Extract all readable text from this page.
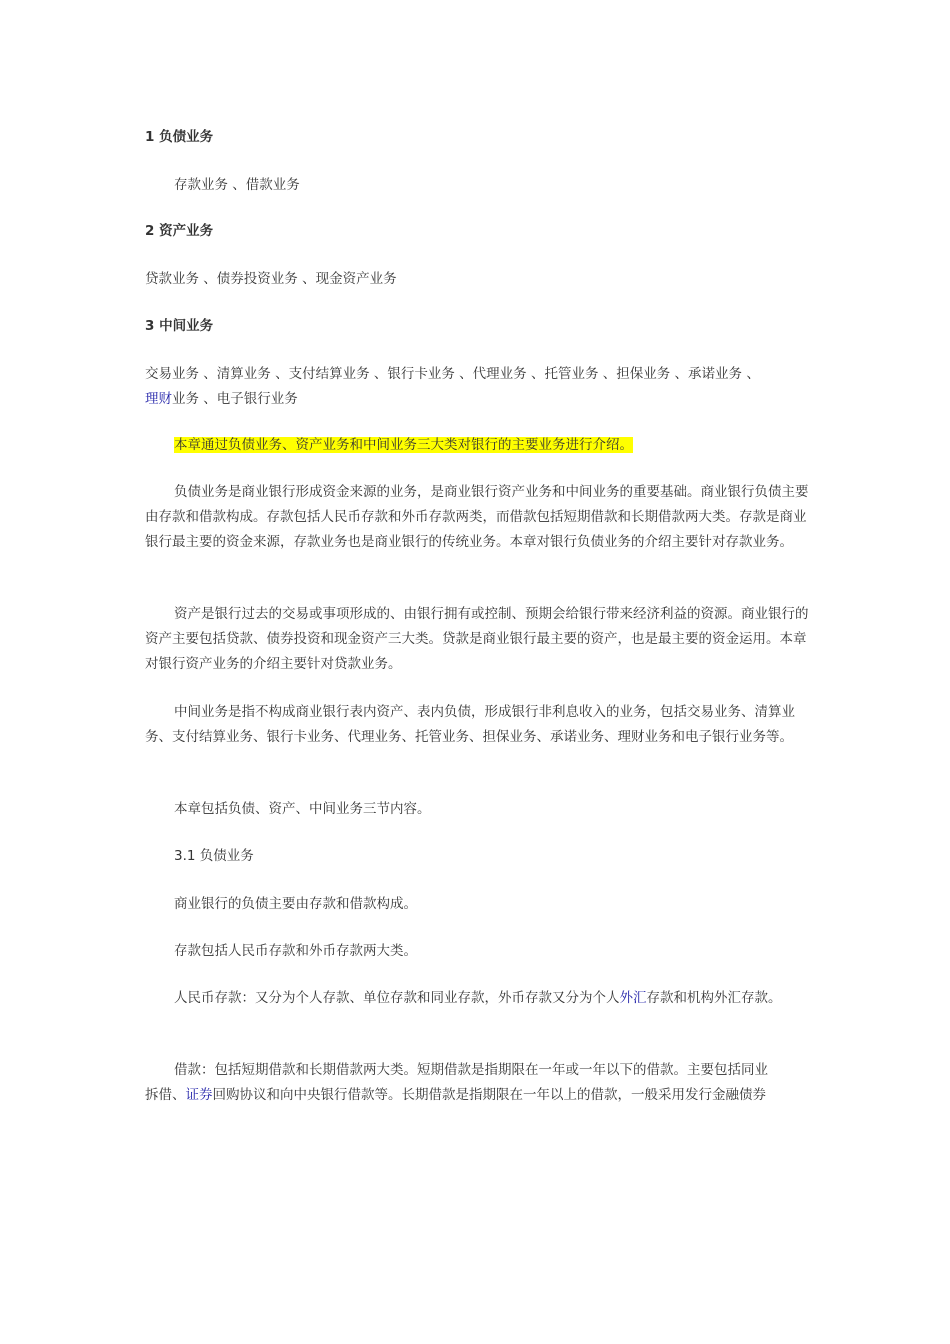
1 负债业务
存款业务 、借款业务
2 资产业务
贷款业务 、债券投资业务 、现金资产业务
3 中间业务
交易业务 、清算业务 、支付结算业务 、银行卡业务 、代理业务 、托管业务 、担保业务 、承诺业务 、
理财业务 、电子银行业务
本章通过负债业务、资产业务和中间业务三大类对银行的主要业务进行介绍。
负债业务是商业银行形成资金来源的业务，是商业银行资产业务和中间业务的重要基础。商业银行负债主要由存款和借款构成。存款包括人民币存款和外币存款两类，而借款包括短期借款和长期借款两大类。存款是商业银行最主要的资金来源，存款业务也是商业银行的传统业务。本章对银行负债业务的介绍主要针对存款业务。
资产是银行过去的交易或事项形成的、由银行拥有或控制、预期会给银行带来经济利益的资源。商业银行的资产主要包括贷款、债券投资和现金资产三大类。贷款是商业银行最主要的资产，也是最主要的资金运用。本章对银行资产业务的介绍主要针对贷款业务。
中间业务是指不构成商业银行表内资产、表内负债，形成银行非利息收入的业务，包括交易业务、清算业务、支付结算业务、银行卡业务、代理业务、托管业务、担保业务、承诺业务、理财业务和电子银行业务等。
本章包括负债、资产、中间业务三节内容。
3.1 负债业务
商业银行的负债主要由存款和借款构成。
存款包括人民币存款和外币存款两大类。
人民币存款：又分为个人存款、单位存款和同业存款，外币存款又分为个人外汇存款和机构外汇存款。
借款：包括短期借款和长期借款两大类。短期借款是指期限在一年或一年以下的借款。主要包括同业
拆借、证券回购协议和向中央银行借款等。长期借款是指期限在一年以上的借款，一般采用发行金融债券
